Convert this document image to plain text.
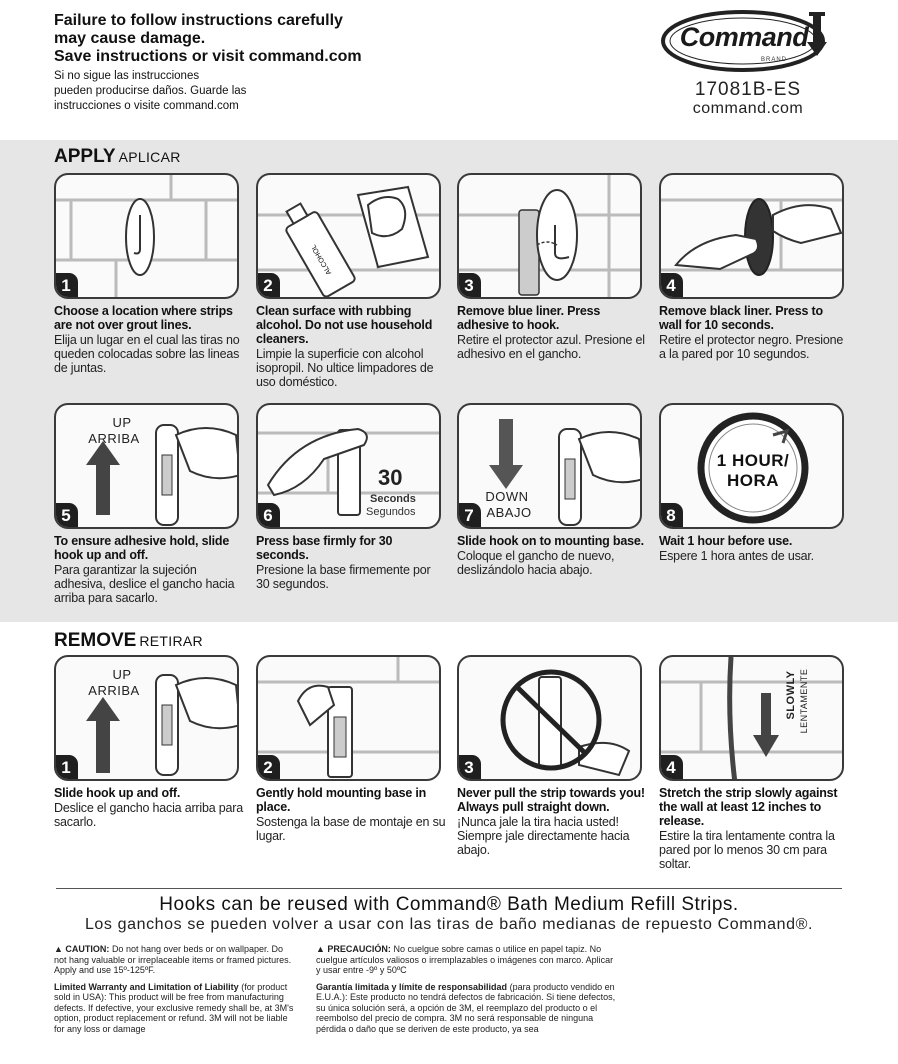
Failure to follow instructions carefully
may cause damage.
Save instructions or visit command.com
Si no sigue las instrucciones
pueden producirse daños. Guarde las
instrucciones o visite command.com
Command
BRAND
17081B-ES
command.com
APPLY APLICAR
1
ALCOHOL
2	3	4
Choose a location where strips are not over grout lines.
Elija un lugar en el cual las tiras no queden colocadas sobre las lineas de juntas.
Clean surface with rubbing alcohol. Do not use household cleaners.
Limpie la superficie con alcohol isopropil. No ultice limpadores de uso doméstico.
Remove blue liner. Press adhesive to hook.
Retire el protector azul. Presione el adhesivo en el gancho.
Remove black liner. Press to wall for 10 seconds.
Retire el protector negro. Presione a la pared por 10 segundos.
UP
ARRIBA
5
30
Seconds
Segundos
6
DOWN
ABAJO
7
1 HOUR/
HORA
8
To ensure adhesive hold, slide hook up and off.
Para garantizar la sujeción adhesiva, deslice el gancho hacia arriba para sacarlo.
Press base firmly for 30 seconds.
Presione la base firmemente por 30 segundos.
Slide hook on to mounting base.
Coloque el gancho de nuevo, deslizándolo hacia abajo.
Wait 1 hour before use.
Espere 1 hora antes de usar.
REMOVE RETIRAR
UP
ARRIBA
1	2	3
SLOWLY LENTAMENTE
4
Slide hook up and off.
Deslice el gancho hacia arriba para sacarlo.
Gently hold mounting base in place.
Sostenga la base de montaje en su lugar.
Never pull the strip towards you! Always pull straight down.
¡Nunca jale la tira hacia usted! Siempre jale directamente hacia abajo.
Stretch the strip slowly against the wall at least 12 inches to release.
Estire la tira lentamente contra la pared por lo menos 30 cm para soltar.
Hooks can be reused with Command® Bath Medium Refill Strips.
Los ganchos se pueden volver a usar con las tiras de baño medianas de repuesto Command®.

▲ CAUTION: Do not hang over beds or on wallpaper. Do not hang valuable or irreplaceable items or framed pictures. Apply and use 15º-125ºF.

Limited Warranty and Limitation of Liability (for product sold in USA): This product will be free from manufacturing defects. If defective, your exclusive remedy shall be, at 3M's option, product replacement or refund. 3M will not be liable for any loss or damage

▲ PRECAUCIÓN: No cuelgue sobre camas o utilice en papel tapiz. No cuelgue artículos valiosos o irremplazables o imágenes con marco. Aplicar y usar entre -9º y 50ºC

Garantía limitada y límite de responsabilidad (para producto vendido en E.U.A.): Este producto no tendrá defectos de fabricación. Si tiene defectos, su única solución será, a opción de 3M, el reemplazo del producto o el reembolso del precio de compra. 3M no será responsable de ninguna pérdida o daño que se deriven de este producto, ya sea
